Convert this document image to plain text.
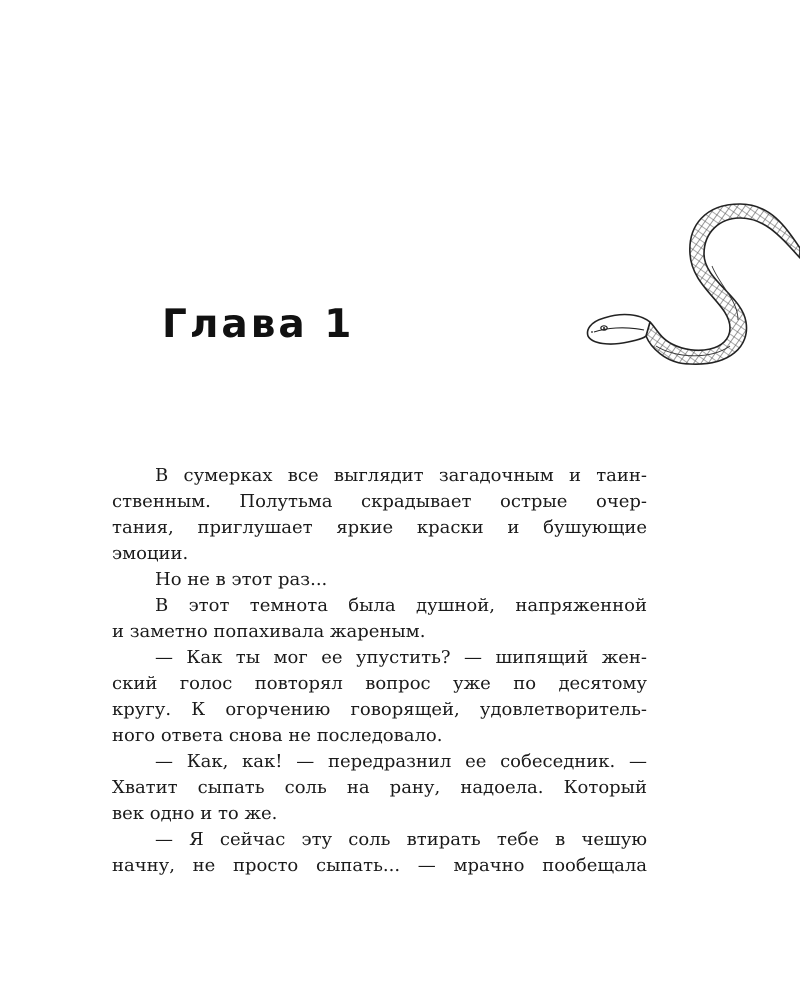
Глава 1
В сумерках все выглядит загадочным и таин-
ственным. Полутьма скрадывает острые очер-
тания, приглушает яркие краски и бушующие
эмоции.
Но не в этот раз...
В этот темнота была душной, напряженной
и заметно попахивала жареным.
— Как ты мог ее упустить? — шипящий жен-
ский голос повторял вопрос уже по десятому
кругу. К огорчению говорящей, удовлетворитель-
ного ответа снова не последовало.
— Как, как! — передразнил ее собеседник. —
Хватит сыпать соль на рану, надоела. Который
век одно и то же.
— Я сейчас эту соль втирать тебе в чешую
начну, не просто сыпать... — мрачно пообещала
